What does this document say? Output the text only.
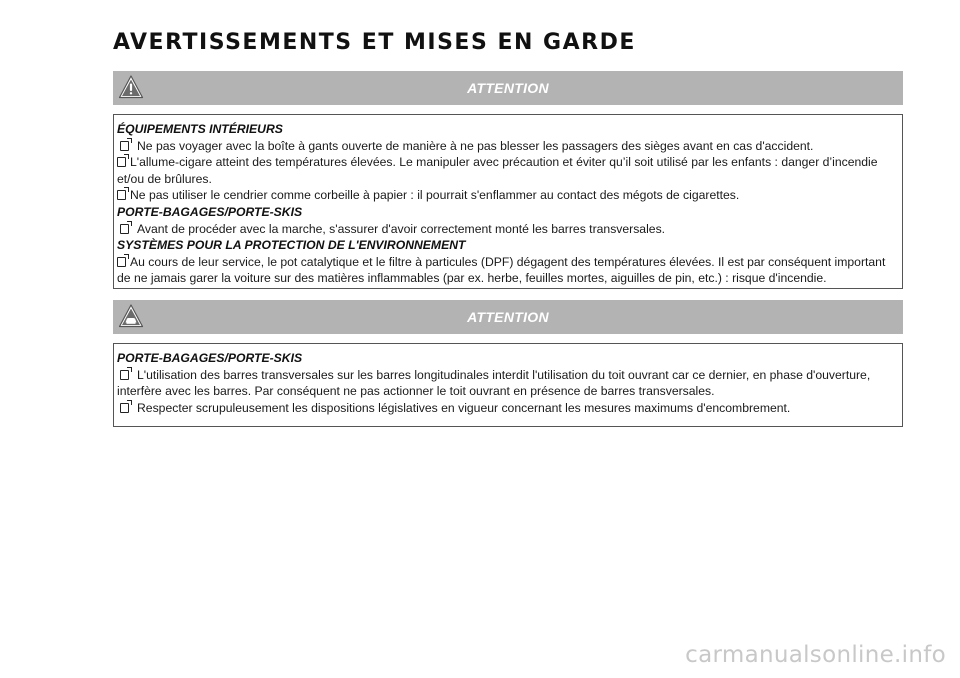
AVERTISSEMENTS ET MISES EN GARDE
ATTENTION
ÉQUIPEMENTS INTÉRIEURS
Ne pas voyager avec la boîte à gants ouverte de manière à ne pas blesser les passagers des sièges avant en cas d'accident.
L'allume-cigare atteint des températures élevées. Le manipuler avec précaution et éviter qu’il soit utilisé par les enfants : danger d’incendie et/ou de brûlures.
Ne pas utiliser le cendrier comme corbeille à papier : il pourrait s'enflammer au contact des mégots de cigarettes.
PORTE-BAGAGES/PORTE-SKIS
Avant de procéder avec la marche, s'assurer d'avoir correctement monté les barres transversales.
SYSTÈMES POUR LA PROTECTION DE L'ENVIRONNEMENT
Au cours de leur service, le pot catalytique et le filtre à particules (DPF) dégagent des températures élevées. Il est par conséquent important de ne jamais garer la voiture sur des matières inflammables (par ex. herbe, feuilles mortes, aiguilles de pin, etc.) : risque d'incendie.
ATTENTION
PORTE-BAGAGES/PORTE-SKIS
L'utilisation des barres transversales sur les barres longitudinales interdit l'utilisation du toit ouvrant car ce dernier, en phase d'ouverture, interfère avec les barres. Par conséquent ne pas actionner le toit ouvrant en présence de barres transversales.
Respecter scrupuleusement les dispositions législatives en vigueur concernant les mesures maximums d'encombrement.
carmanualsonline.info
